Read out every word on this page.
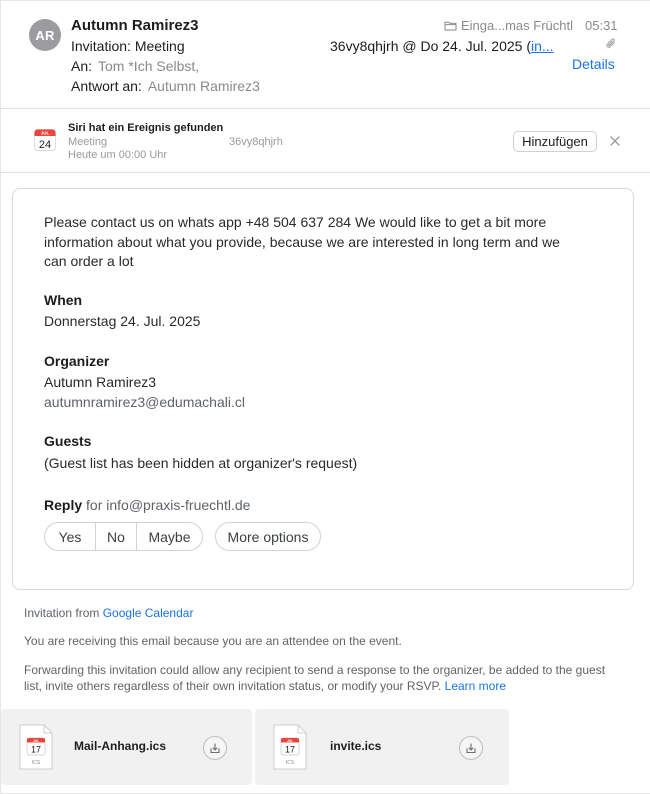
AR
Autumn Ramirez3
Invitation: Meeting
An: Tom *Ich Selbst,
Antwort an: Autumn Ramirez3
Einga...mas Früchtl 05:31
36vy8qhjrh @ Do 24. Jul. 2025 (in...
Details
JUL
24
Siri hat ein Ereignis gefunden
Meeting	36vy8qhjrh
Heute um 00:00 Uhr
Hinzufügen
Please contact us on whats app +48 504 637 284 We would like to get a bit more information about what you provide, because we are interested in long term and we can order a lot
When
Donnerstag 24. Jul. 2025
Organizer
Autumn Ramirez3
autumnramirez3@edumachali.cl
Guests
(Guest list has been hidden at organizer's request)
Reply for info@praxis-fruechtl.de
Yes	No	Maybe	More options
Invitation from Google Calendar
You are receiving this email because you are an attendee on the event.
Forwarding this invitation could allow any recipient to send a response to the organizer, be added to the guest list, invite others regardless of their own invitation status, or modify your RSVP. Learn more
JUL
17
ICS
Mail-Anhang.ics	JUL
17
ICS
invite.ics
